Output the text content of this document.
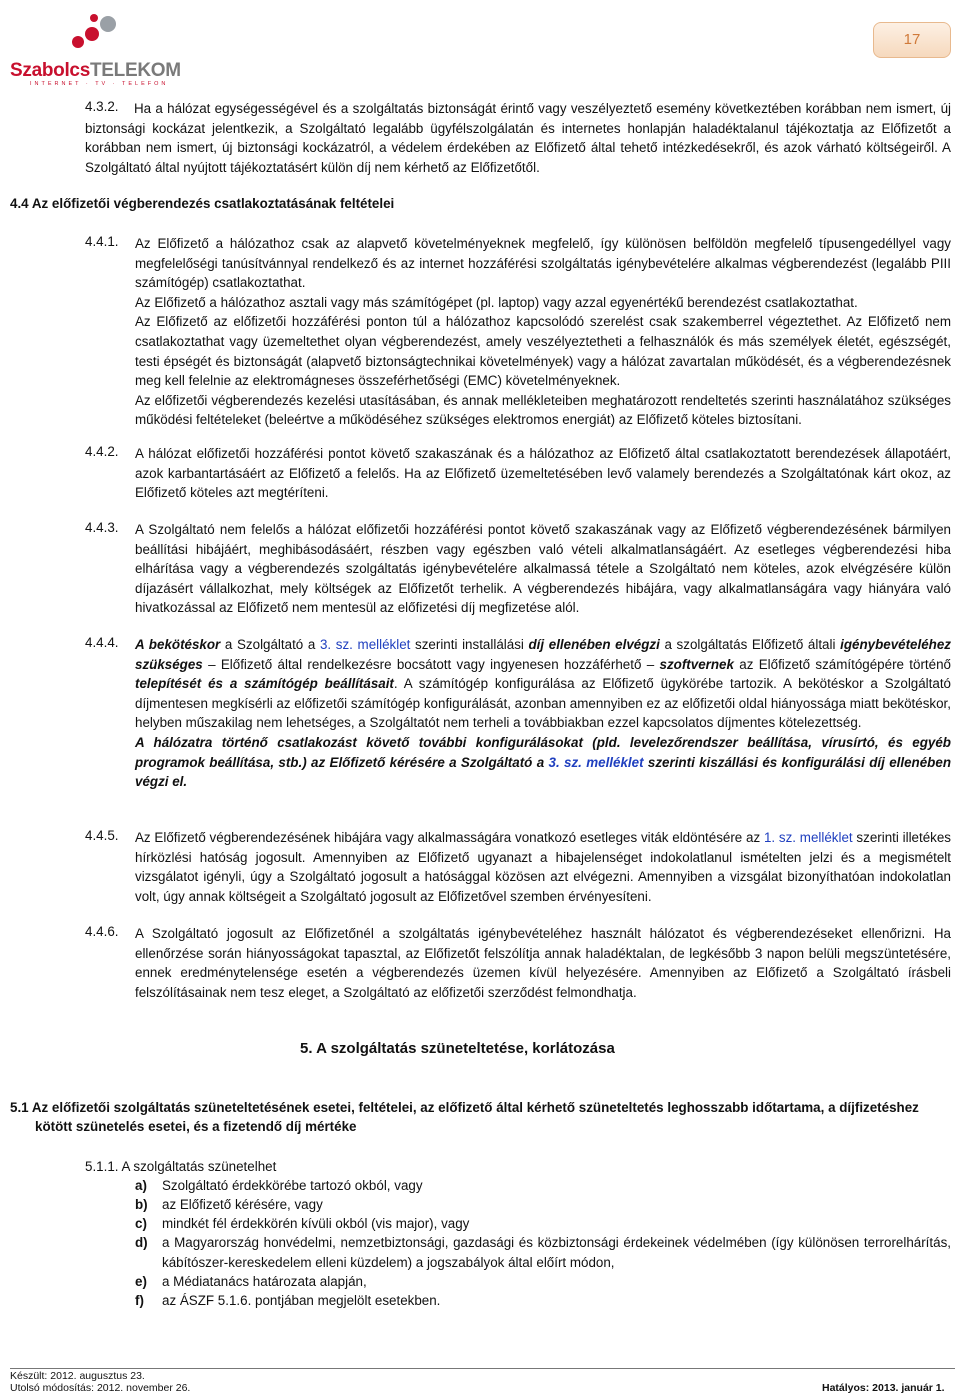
SzabolcsTELEKOM
INTERNET · TV · TELEFON
17
4.3.2.	Ha a hálózat egységességével és a szolgáltatás biztonságát érintő vagy veszélyeztető esemény következtében korábban nem ismert, új biztonsági kockázat jelentkezik, a Szolgáltató legalább ügyfélszolgálatán és internetes honlapján haladéktalanul tájékoztatja az Előfizetőt a korábban nem ismert, új biztonsági kockázatról, a védelem érdekében az Előfizető által tehető intézkedésekről, és azok várható költségeiről. A Szolgáltató által nyújtott tájékoztatásért külön díj nem kérhető az Előfizetőtől.
4.4 Az előfizetői végberendezés csatlakoztatásának feltételei
4.4.1. Az Előfizető a hálózathoz csak az alapvető követelményeknek megfelelő, így különösen belföldön megfelelő típusengedéllyel vagy megfelelőségi tanúsítvánnyal rendelkező és az internet hozzáférési szolgáltatás igénybevételére alkalmas végberendezést (legalább PIII számítógép) csatlakoztathat.
Az Előfizető a hálózathoz asztali vagy más számítógépet (pl. laptop) vagy azzal egyenértékű berendezést csatlakoztathat.
Az Előfizető az előfizetői hozzáférési ponton túl a hálózathoz kapcsolódó szerelést csak szakemberrel végeztethet. Az Előfizető nem csatlakoztathat vagy üzemeltethet olyan végberendezést, amely veszélyeztetheti a felhasználók és más személyek életét, egészségét, testi épségét és biztonságát (alapvető biztonságtechnikai követelmények) vagy a hálózat zavartalan működését, és a végberendezésnek meg kell felelnie az elektromágneses összeférhetőségi (EMC) követelményeknek.
Az előfizetői végberendezés kezelési utasításában, és annak mellékleteiben meghatározott rendeltetés szerinti használatához szükséges működési feltételeket (beleértve a működéséhez szükséges elektromos energiát) az Előfizető köteles biztosítani.
4.4.2. A hálózat előfizetői hozzáférési pontot követő szakaszának és a hálózathoz az Előfizető által csatlakoztatott berendezések állapotáért, azok karbantartásáért az Előfizető a felelős. Ha az Előfizető üzemeltetésében levő valamely berendezés a Szolgáltatónak kárt okoz, az Előfizető köteles azt megtéríteni.
4.4.3. A Szolgáltató nem felelős a hálózat előfizetői hozzáférési pontot követő szakaszának vagy az Előfizető végberendezésének bármilyen beállítási hibájáért, meghibásodásáért, részben vagy egészben való vételi alkalmatlanságáért. Az esetleges végberendezési hiba elhárítása vagy a végberendezés szolgáltatás igénybevételére alkalmassá tétele a Szolgáltató nem köteles, azok elvégzésére külön díjazásért vállalkozhat, mely költségek az Előfizetőt terhelik. A végberendezés hibájára, vagy alkalmatlanságára vagy hiányára való hivatkozással az Előfizető nem mentesül az előfizetési díj megfizetése alól.
4.4.4. A bekötéskor a Szolgáltató a 3. sz. melléklet szerinti installálási díj ellenében elvégzi a szolgáltatás Előfizető általi igénybevételéhez szükséges – Előfizető által rendelkezésre bocsátott vagy ingyenesen hozzáférhető – szoftvernek az Előfizető számítógépére történő telepítését és a számítógép beállításait. A számítógép konfigurálása az Előfizető ügykörébe tartozik. A bekötéskor a Szolgáltató díjmentesen megkísérli az előfizetői számítógép konfigurálását, azonban amennyiben ez az előfizetői oldal hiányossága miatt bekötéskor, helyben műszakilag nem lehetséges, a Szolgáltatót nem terheli a továbbiakban ezzel kapcsolatos díjmentes kötelezettség.
A hálózatra történő csatlakozást követő további konfigurálásokat (pld. levelezőrendszer beállítása, vírusírtó, és egyéb programok beállítása, stb.) az Előfizető kérésére a Szolgáltató a 3. sz. melléklet szerinti kiszállási és konfigurálási díj ellenében végzi el.
4.4.5. Az Előfizető végberendezésének hibájára vagy alkalmasságára vonatkozó esetleges viták eldöntésére az 1. sz. melléklet szerinti illetékes hírközlési hatóság jogosult. Amennyiben az Előfizető ugyanazt a hibajelenséget indokolatlanul ismételten jelzi és a megismételt vizsgálatot igényli, úgy a Szolgáltató jogosult a hatósággal közösen azt elvégezni. Amennyiben a vizsgálat bizonyíthatóan indokolatlan volt, úgy annak költségeit a Szolgáltató jogosult az Előfizetővel szemben érvényesíteni.
4.4.6. A Szolgáltató jogosult az Előfizetőnél a szolgáltatás igénybevételéhez használt hálózatot és végberendezéseket ellenőrizni. Ha ellenőrzése során hiányosságokat tapasztal, az Előfizetőt felszólítja annak haladéktalan, de legkésőbb 3 napon belüli megszüntetésére, ennek eredménytelensége esetén a végberendezés üzemen kívül helyezésére. Amennyiben az Előfizető a Szolgáltató írásbeli felszólításainak nem tesz eleget, a Szolgáltató az előfizetői szerződést felmondhatja.
5. A szolgáltatás szüneteltetése, korlátozása
5.1 Az előfizetői szolgáltatás szüneteltetésének esetei, feltételei, az előfizető által kérhető szüneteltetés leghosszabb időtartama, a díjfizetéshez
kötött szünetelés esetei, és a fizetendő díj mértéke
5.1.1. A szolgáltatás szünetelhet
a) Szolgáltató érdekkörébe tartozó okból, vagy
b) az Előfizető kérésére, vagy
c) mindkét fél érdekkörén kívüli okból (vis major), vagy
d)	a Magyarország honvédelmi, nemzetbiztonsági, gazdasági és közbiztonsági érdekeinek védelmében (így különösen terrorelhárítás, kábítószer-kereskedelem elleni küzdelem) a jogszabályok által előírt módon,
e) a Médiatanács határozata alapján,
f) az ÁSZF 5.1.6. pontjában megjelölt esetekben.
Készült: 2012. augusztus 23.
Utolsó módosítás: 2012. november 26.	Hatályos: 2013. január 1.
